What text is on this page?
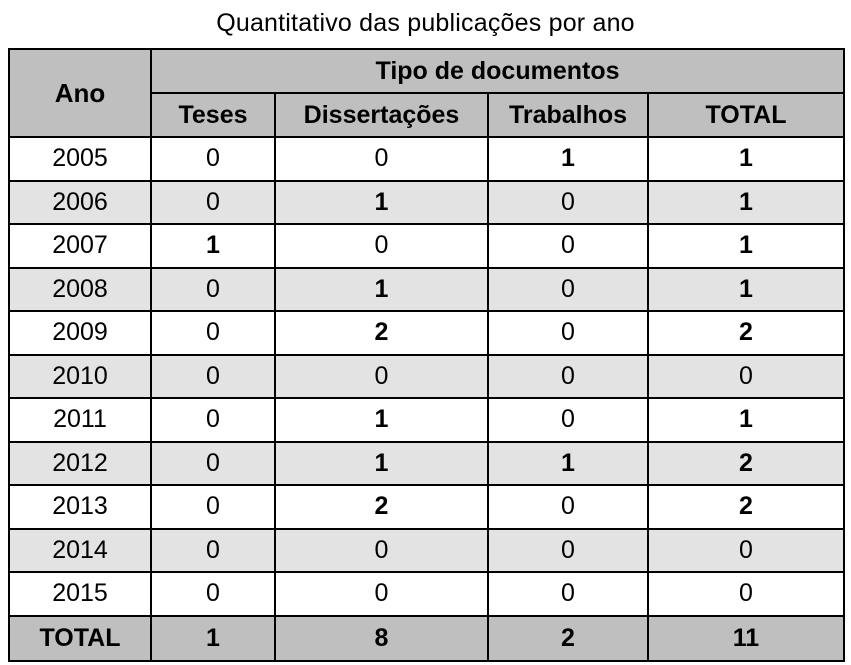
Quantitativo das publicações por ano
Ano	Tipo de documentos			
	Teses	Dissertações	Trabalhos	TOTAL
2005	0	0	1	1
2006	0	1	0	1
2007	1	0	0	1
2008	0	1	0	1
2009	0	2	0	2
2010	0	0	0	0
2011	0	1	0	1
2012	0	1	1	2
2013	0	2	0	2
2014	0	0	0	0
2015	0	0	0	0
TOTAL	1	8	2	11
